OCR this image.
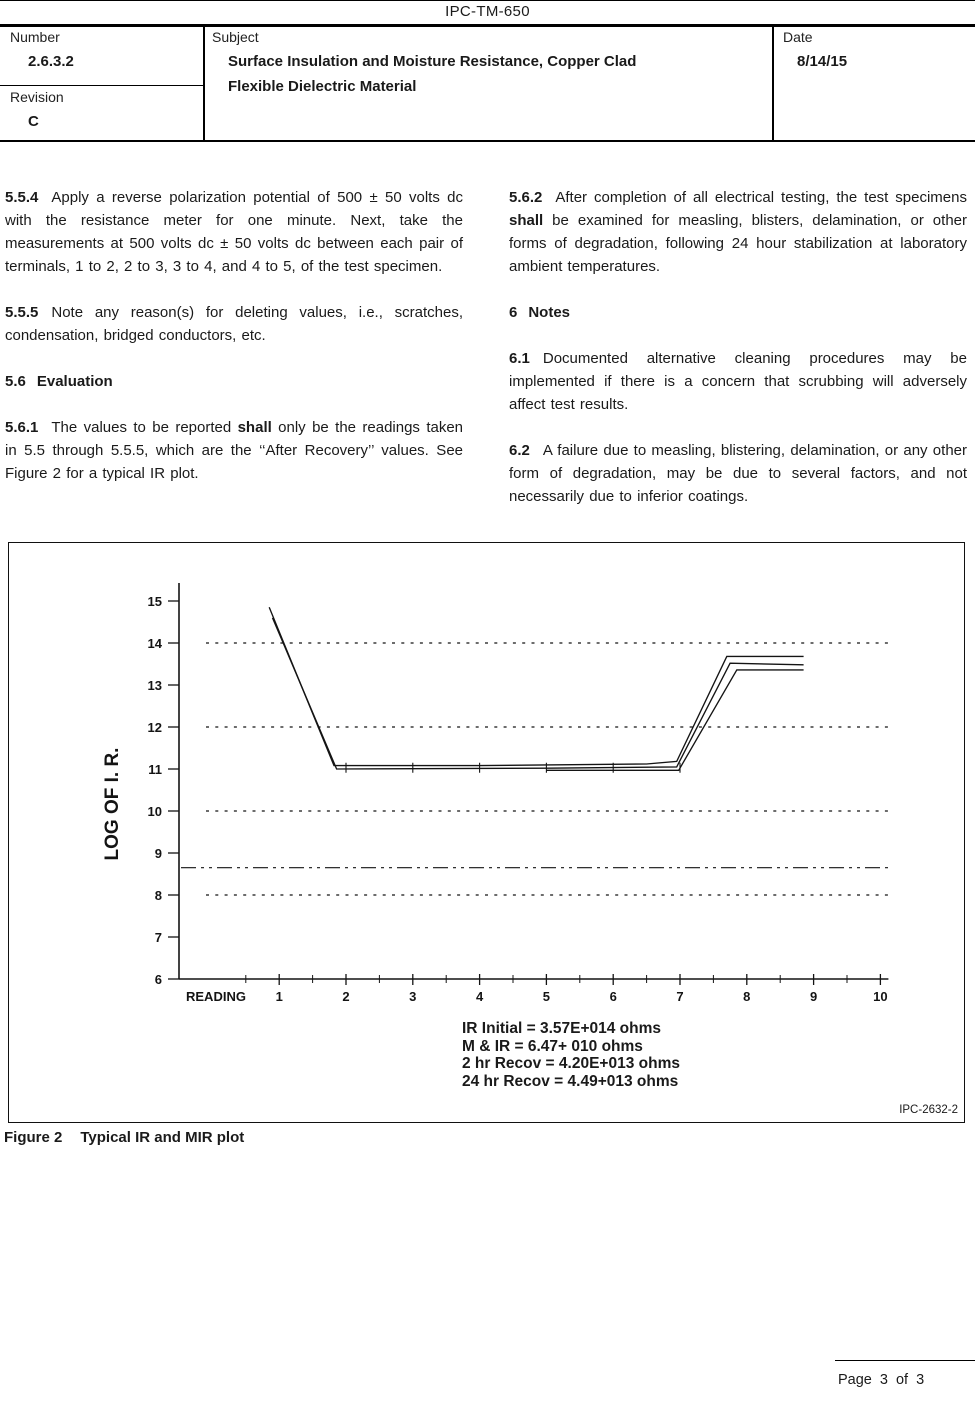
IPC-TM-650
Number
2.6.3.2
Revision
C
Subject
Surface Insulation and Moisture Resistance, Copper Clad
Flexible Dielectric Material
Date
8/14/15

5.5.4 Apply a reverse polarization potential of 500 ± 50 volts dc with the resistance meter for one minute. Next, take the measurements at 500 volts dc ± 50 volts dc between each pair of terminals, 1 to 2, 2 to 3, 3 to 4, and 4 to 5, of the test specimen.

5.5.5 Note any reason(s) for deleting values, i.e., scratches, condensation, bridged conductors, etc.

5.6 Evaluation

5.6.1 The values to be reported shall only be the readings taken in 5.5 through 5.5.5, which are the ‘‘After Recovery’’ values. See Figure 2 for a typical IR plot.

5.6.2 After completion of all electrical testing, the test specimens shall be examined for measling, blisters, delamination, or other forms of degradation, following 24 hour stabilization at laboratory ambient temperatures.

6 Notes

6.1 Documented alternative cleaning procedures may be implemented if there is a concern that scrubbing will adversely affect test results.

6.2 A failure due to measling, blistering, delamination, or any other form of degradation, may be due to several factors, and not necessarily due to inferior coatings.

6
7
8
9
10
11
12
13
14
15
1	2	3	4	5	6	7	8	9	10
LOG OF I. R.
READING
IR Initial = 3.57E+014 ohms
M & IR = 6.47+ 010 ohms
2 hr Recov = 4.20E+013 ohms
24 hr Recov = 4.49+013 ohms
IPC-2632-2
Figure 2 Typical IR and MIR plot
Page 3 of 3
